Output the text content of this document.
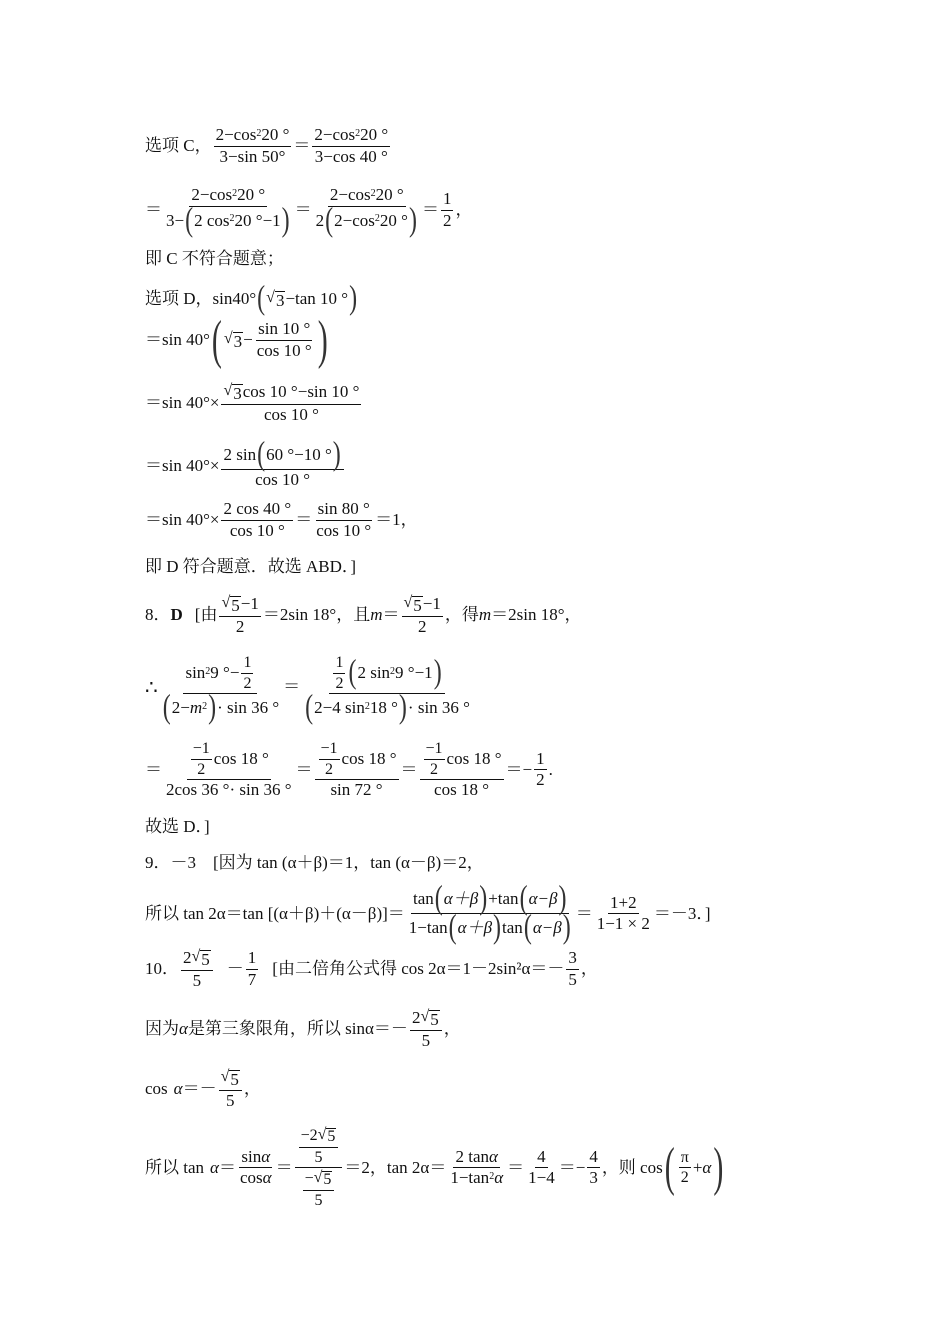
选项 C， $\frac{2-\cos^2 20 ^\circ}{3-\sin 50^\circ} = \frac{2-\cos^2 20 ^\circ}{3-\cos 40 ^\circ}$
＝ $\frac{2-\cos^2 20 ^\circ}{3- ( 2 \cos^2 20 ^\circ-1 )} = \frac{2-\cos^2 20 ^\circ}{2 ( 2-\cos^2 20 ^\circ )} = \frac{1}{2}$ ，
即 C 不符合题意；
选项 D，sin40° ( √ 3 −tan 10 ° )
＝sin 40° ( √ $3 - \frac{\sin 10 ^\circ}{\cos 10 ^\circ}$ )
＝sin $40^\circ\times \frac{√ 3 \cos 10 ^\circ-\sin 10 ^\circ}{\cos 10 ^\circ}$
＝sin $40^\circ\times \frac{2 \sin ( 60 ^\circ-10 ^\circ )}{\cos 10 ^\circ}$
＝sin $40^\circ\times \frac{2 \cos 40 ^\circ}{\cos 10 ^\circ} = \frac{\sin 80 ^\circ}{\cos 10 ^\circ} =1$，
即 D 符合题意．故选 ABD．]
8． D [由 $\frac{√ 5 -1}{2} =2\sin$ 18°，且 $m = \frac{√ 5 -1}{2}$ ，得 m ＝2sin 18°，
∴ $\frac{\sin^2 9 ^\circ- \frac{1}{2}}{( 2- m^2 ) \cdot \sin 36 ^\circ} = \frac{\frac{1}{2} ( 2 \sin^2 9 ^\circ-1 )}{( 2-4 \sin^2 18 ^\circ ) \cdot \sin 36 ^\circ}$
＝ $\frac{\frac{-1}{2} \cos 18 ^\circ}{2\cos 36 ^\circ\cdot \sin 36 ^\circ} = \frac{\frac{-1}{2} \cos 18 ^\circ}{\sin 72 ^\circ} = \frac{\frac{-1}{2} \cos 18 ^\circ}{\cos 18 ^\circ} =- \frac{1}{2}$ .
故选 D．]
9．－3　[因为 tan (α＋β)＝1，tan (α－β)＝2，
所以 tan 2α＝tan $[(\alpha+\beta)+(\alpha-\beta)]= \frac{\tan ( \alpha+\beta ) + \tan ( \alpha-\beta )}{1-\tan ( \alpha+\beta ) \tan ( \alpha-\beta )} = \frac{1+2}{1-1 \times 2} =-3$．]
10． $\frac{2 √ 5}{5} - \frac{1}{7}$ [由二倍角公式得 $\cos 2\alpha=1-2\sin^2\alpha=- \frac{3}{5}$ ，
因为 α 是第三象限角，所以 $\sin\alpha=- \frac{2 √ 5}{5}$ ，
$\cos \alpha =- \frac{√ 5}{5}$ ，
所以 $\tan \alpha = \frac{\text{sin α}}{\text{cos α}} = \frac{\frac{-2 √ 5}{5}}{\frac{- √ 5}{5}} =2$，$\tan 2\alpha= \frac{\text{2 tan α}}{1-\tan^2 \alpha} = \frac{4}{1-4} =- \frac{4}{3}$ ，则 cos ( $\frac{\pi}{2} + \alpha$ )
